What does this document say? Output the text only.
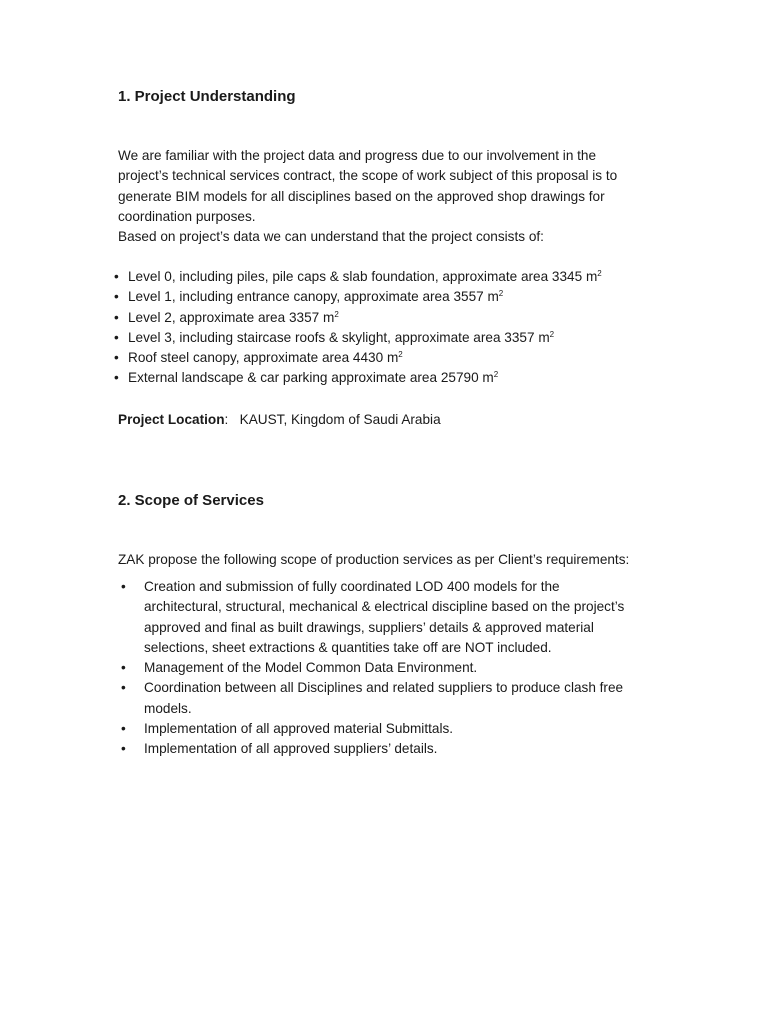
1. Project Understanding

We are familiar with the project data and progress due to our involvement in the
project’s technical services contract, the scope of work subject of this proposal is to
generate BIM models for all disciplines based on the approved shop drawings for
coordination purposes.
Based on project’s data we can understand that the project consists of:

• Level 0, including piles, pile caps & slab foundation, approximate area 3345 $m^2$
• Level 1, including entrance canopy, approximate area 3557 $m^2$
• Level 2, approximate area 3357 $m^2$
• Level 3, including staircase roofs & skylight, approximate area 3357 $m^2$
• Roof steel canopy, approximate area 4430 $m^2$
• External landscape & car parking approximate area 25790 $m^2$

Project Location: KAUST, Kingdom of Saudi Arabia

2. Scope of Services

ZAK propose the following scope of production services as per Client’s requirements:

• Creation and submission of fully coordinated LOD 400 models for the
architectural, structural, mechanical & electrical discipline based on the project’s
approved and final as built drawings, suppliers’ details & approved material
selections, sheet extractions & quantities take off are NOT included.
• Management of the Model Common Data Environment.
• Coordination between all Disciplines and related suppliers to produce clash free
models.
• Implementation of all approved material Submittals.
• Implementation of all approved suppliers’ details.
